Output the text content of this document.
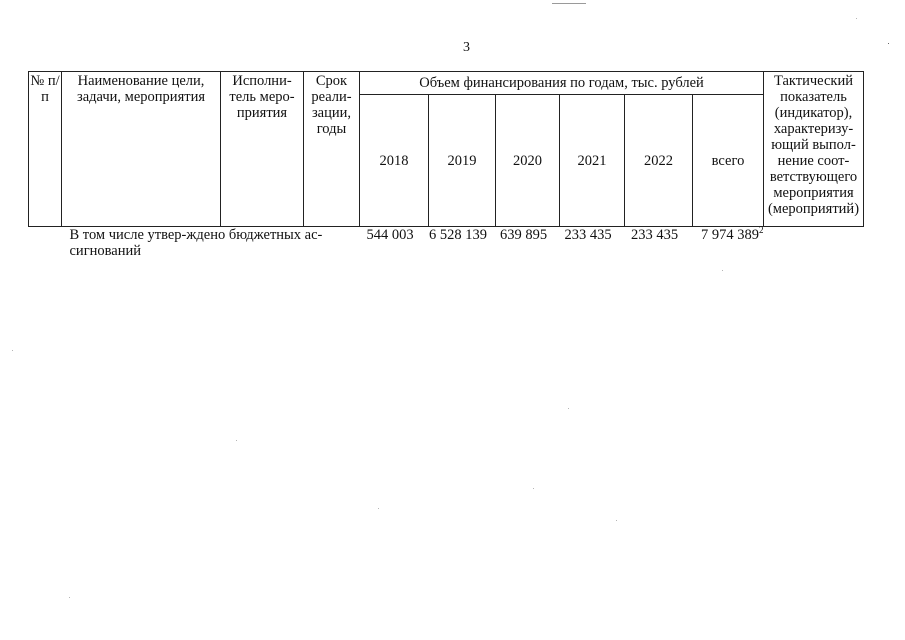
3
№ п/п	Наименование цели, задачи, мероприятия	Исполни-тель меро-приятия	Срок реали-зации, годы	Объем финансирования по годам, тыс. рублей						Тактический показатель (индикатор), характеризу-ющий выпол-нение соот-ветствующего мероприятия (мероприятий)
				2018	2019	2020	2021	2022	всего	
	В том числе утвер-ждено бюджетных ас-сигнований			544 003	6 528 139	639 895	233 435	233 435	7 974 $389^2$	
